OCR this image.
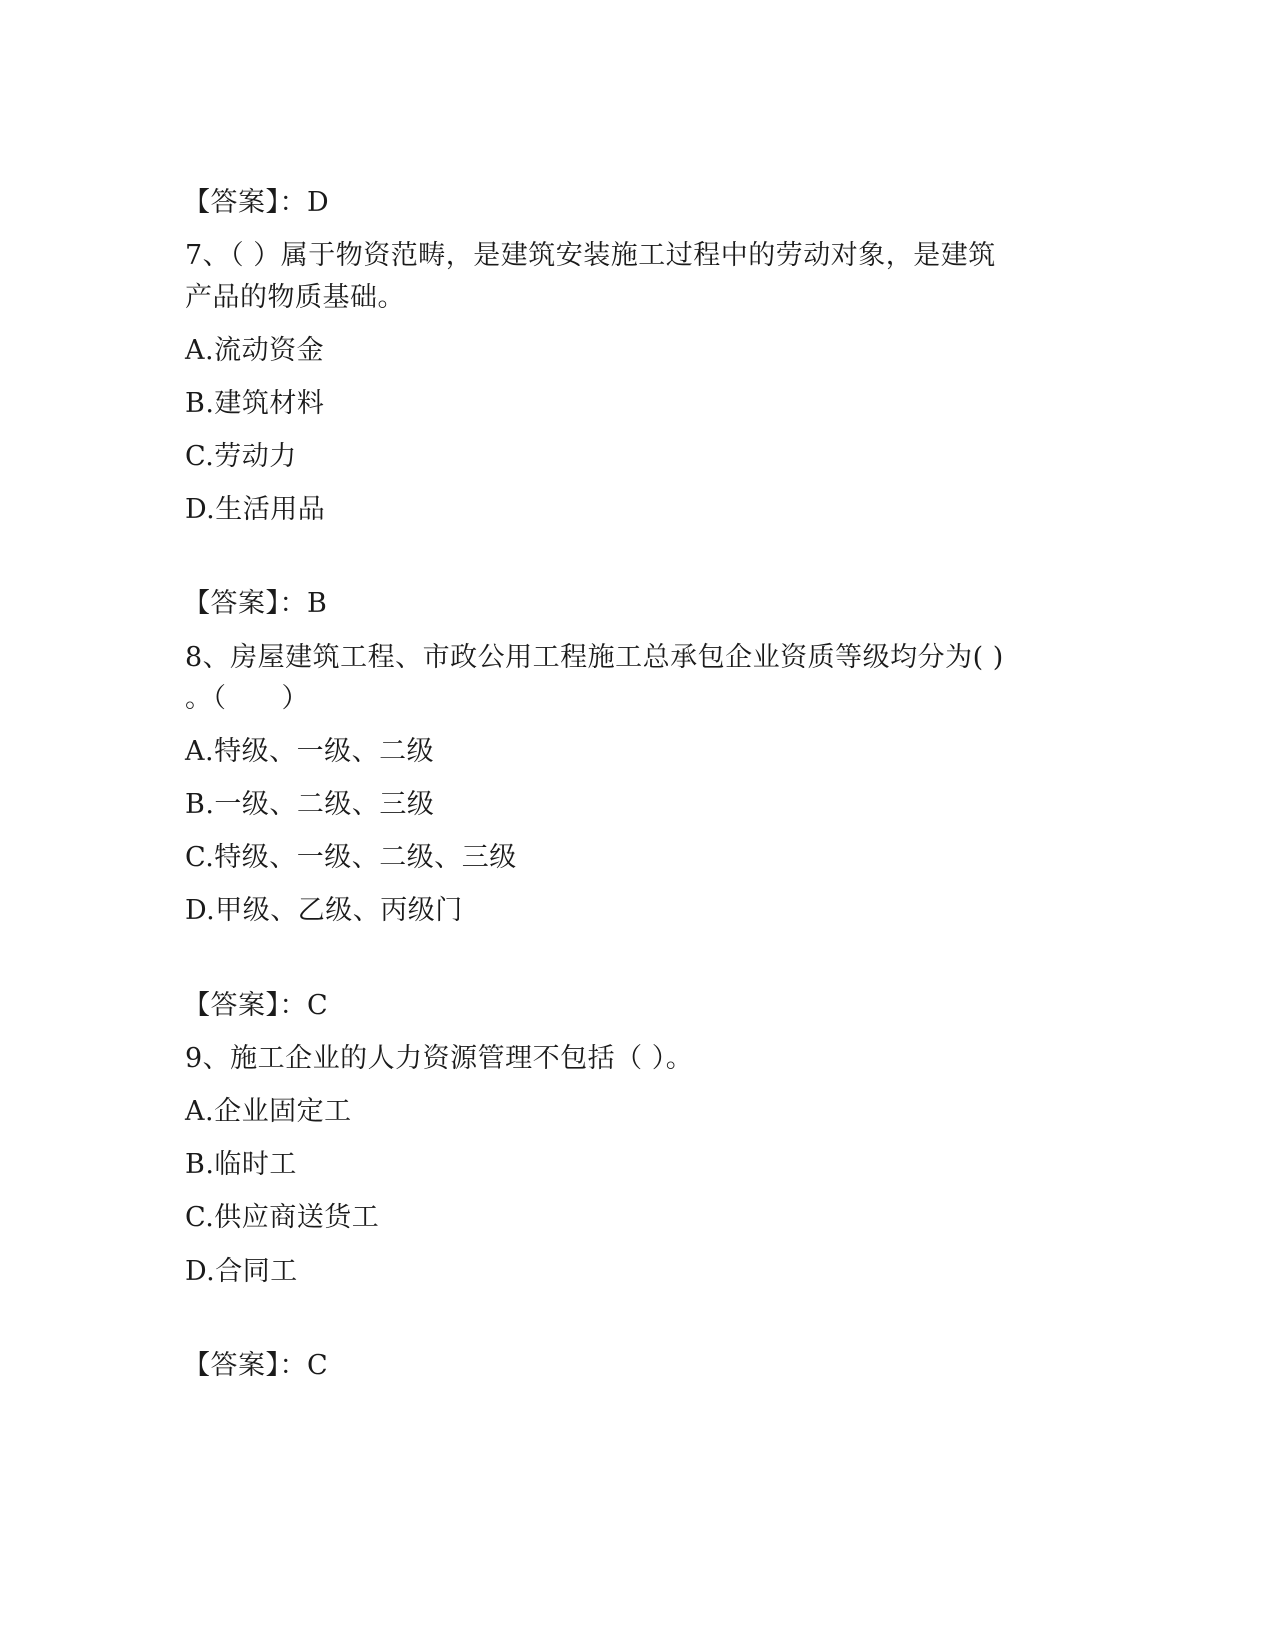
【答案】：D
7、（ ）属于物资范畴，是建筑安装施工过程中的劳动对象，是建筑
产品的物质基础。
A.流动资金
B.建筑材料
C.劳动力
D.生活用品
【答案】：B
8、房屋建筑工程、市政公用工程施工总承包企业资质等级均分为( )
。（　　）
A.特级、一级、二级
B.一级、二级、三级
C.特级、一级、二级、三级
D.甲级、乙级、丙级门
【答案】：C
9、施工企业的人力资源管理不包括（ ）。
A.企业固定工
B.临时工
C.供应商送货工
D.合同工
【答案】：C
